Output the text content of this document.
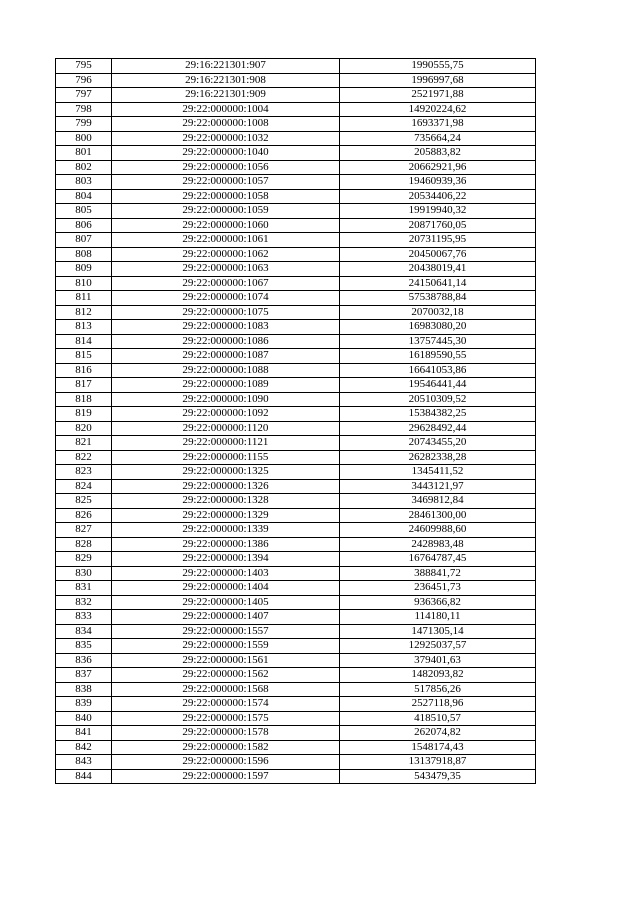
795	29:16:221301:907	1990555,75
796	29:16:221301:908	1996997,68
797	29:16:221301:909	2521971,88
798	29:22:000000:1004	14920224,62
799	29:22:000000:1008	1693371,98
800	29:22:000000:1032	735664,24
801	29:22:000000:1040	205883,82
802	29:22:000000:1056	20662921,96
803	29:22:000000:1057	19460939,36
804	29:22:000000:1058	20534406,22
805	29:22:000000:1059	19919940,32
806	29:22:000000:1060	20871760,05
807	29:22:000000:1061	20731195,95
808	29:22:000000:1062	20450067,76
809	29:22:000000:1063	20438019,41
810	29:22:000000:1067	24150641,14
811	29:22:000000:1074	57538788,84
812	29:22:000000:1075	2070032,18
813	29:22:000000:1083	16983080,20
814	29:22:000000:1086	13757445,30
815	29:22:000000:1087	16189590,55
816	29:22:000000:1088	16641053,86
817	29:22:000000:1089	19546441,44
818	29:22:000000:1090	20510309,52
819	29:22:000000:1092	15384382,25
820	29:22:000000:1120	29628492,44
821	29:22:000000:1121	20743455,20
822	29:22:000000:1155	26282338,28
823	29:22:000000:1325	1345411,52
824	29:22:000000:1326	3443121,97
825	29:22:000000:1328	3469812,84
826	29:22:000000:1329	28461300,00
827	29:22:000000:1339	24609988,60
828	29:22:000000:1386	2428983,48
829	29:22:000000:1394	16764787,45
830	29:22:000000:1403	388841,72
831	29:22:000000:1404	236451,73
832	29:22:000000:1405	936366,82
833	29:22:000000:1407	114180,11
834	29:22:000000:1557	1471305,14
835	29:22:000000:1559	12925037,57
836	29:22:000000:1561	379401,63
837	29:22:000000:1562	1482093,82
838	29:22:000000:1568	517856,26
839	29:22:000000:1574	2527118,96
840	29:22:000000:1575	418510,57
841	29:22:000000:1578	262074,82
842	29:22:000000:1582	1548174,43
843	29:22:000000:1596	13137918,87
844	29:22:000000:1597	543479,35
